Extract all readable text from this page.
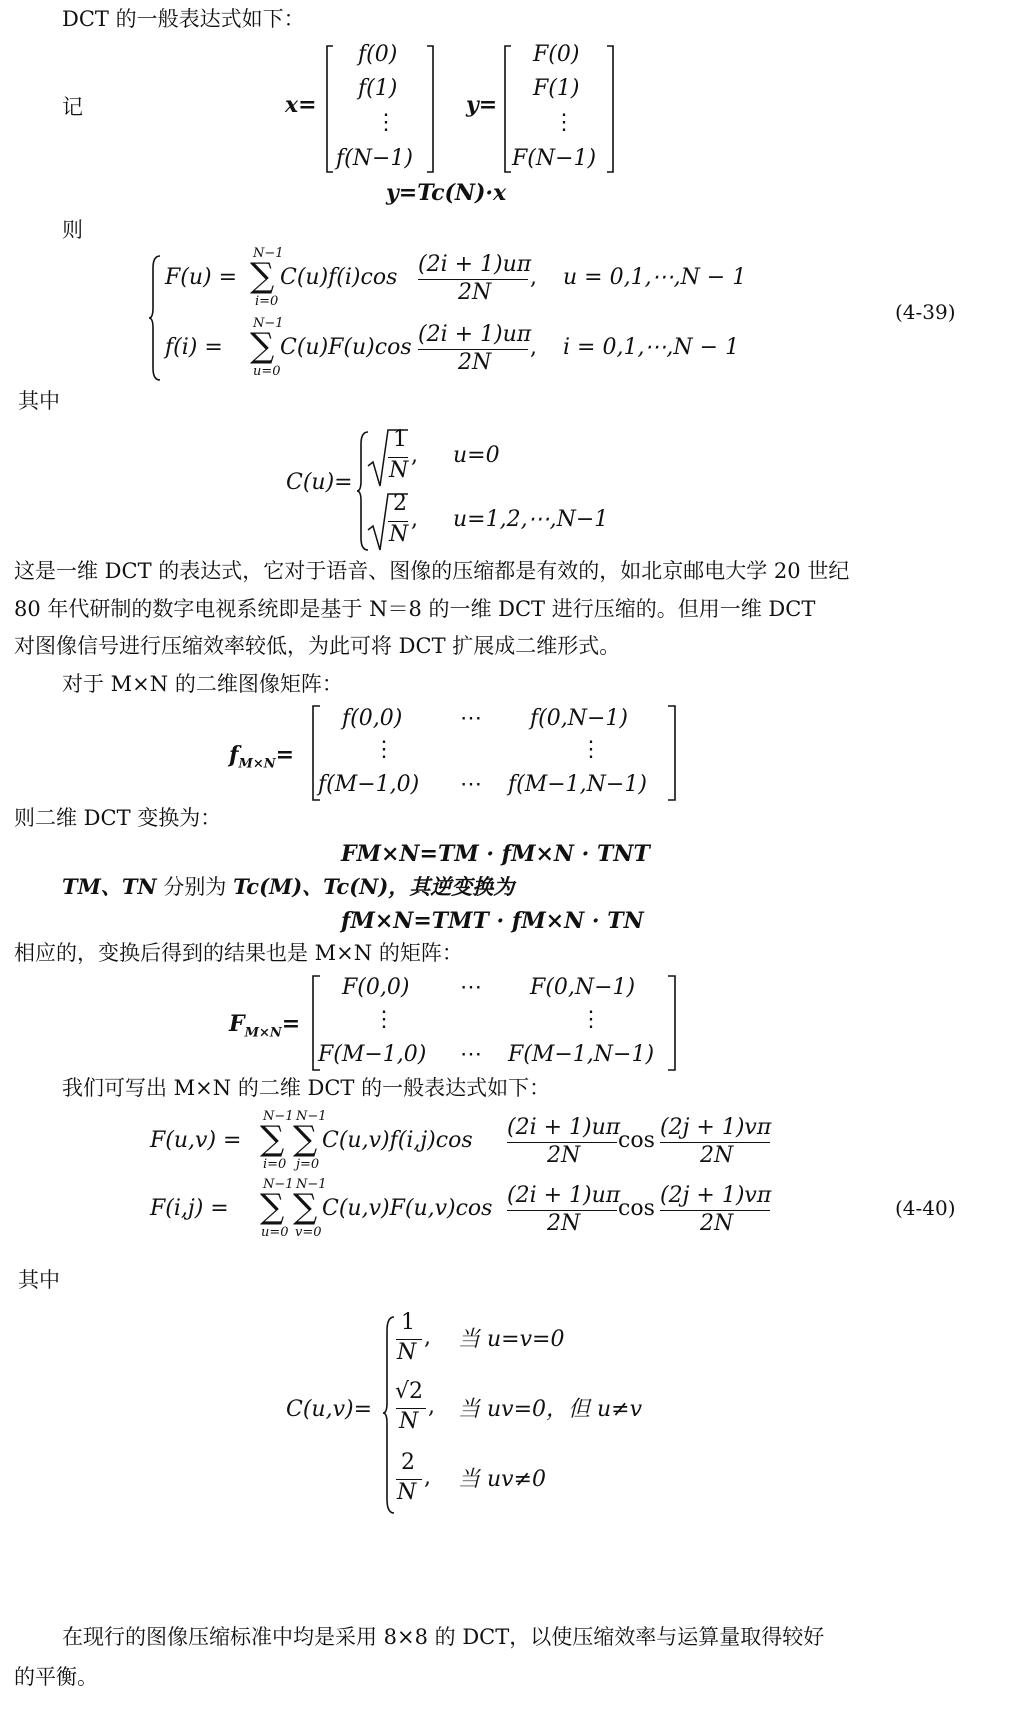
DCT 的一般表达式如下：
记	x=
f(0)
f(1)
⋮
f(N−1)
y=
F(0)
F(1)
⋮
F(N−1)
y=Tc(N)·x
则
F(u) =
N−1
∑
i=0
C(u)f(i)cos
(2i + 1)uπ
2N
, u = 0,1,⋯,N − 1
f(i) =
N−1
∑
u=0
C(u)F(u)cos
(2i + 1)uπ
2N
, i = 0,1,⋯,N − 1
(4-39)
其中
C(u)=
1
N
, u=0
2
N
, u=1,2,⋯,N−1
这是一维 DCT 的表达式，它对于语音、图像的压缩都是有效的，如北京邮电大学 20 世纪
80 年代研制的数字电视系统即是基于 N＝8 的一维 DCT 进行压缩的。但用一维 DCT
对图像信号进行压缩效率较低，为此可将 DCT 扩展成二维形式。
对于 M×N 的二维图像矩阵：
$f_{M\times N}=$
f(0,0)	⋯ f(0,N−1)
⋮	⋮
f(M−1,0) ⋯ f(M−1,N−1)
则二维 DCT 变换为：
FM×N=TM · fM×N · TNT
TM、TN 分别为 Tc(M)、Tc(N)，其逆变换为
fM×N=TMT · fM×N · TN
相应的，变换后得到的结果也是 M×N 的矩阵：
$F_{M\times N}=$
F(0,0) ⋯ F(0,N−1)
⋮	⋮
F(M−1,0) ⋯ F(M−1,N−1)
我们可写出 M×N 的二维 DCT 的一般表达式如下：
F(u,v) =
N−1
∑
i=0
N−1
∑
j=0
C(u,v)f(i,j)cos
(2i + 1)uπ
2N
cos
(2j + 1)vπ
2N
F(i,j) =
N−1
∑
u=0
N−1
∑
v=0
C(u,v)F(u,v)cos
(2i + 1)uπ
2N
cos
(2j + 1)vπ
2N
(4-40)
其中
C(u,v)=
1
N
, 当 u=v=0
√2
N
, 当 uv=0，但 u≠v
2
N
, 当 uv≠0
在现行的图像压缩标准中均是采用 8×8 的 DCT，以使压缩效率与运算量取得较好
的平衡。
